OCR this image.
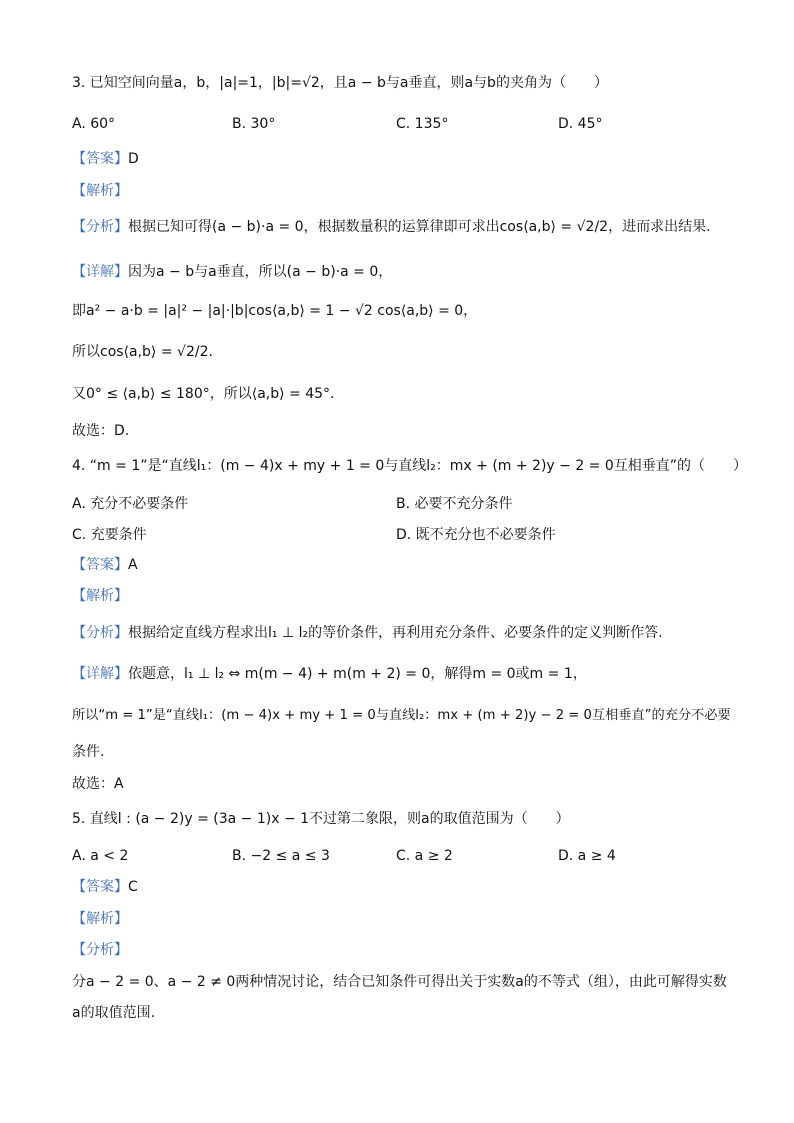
3. 已知空间向量a，b，|a|=1，|b|=√2，且a − b与a垂直，则a与b的夹角为（　　）
A. 60°	B. 30°	C. 135°	D. 45°
【答案】D
【解析】
【分析】根据已知可得(a − b)·a = 0，根据数量积的运算律即可求出cos⟨a,b⟩ = √2/2，进而求出结果.
【详解】因为a − b与a垂直，所以(a − b)·a = 0，
即a² − a·b = |a|² − |a|·|b|cos⟨a,b⟩ = 1 − √2 cos⟨a,b⟩ = 0，
所以cos⟨a,b⟩ = √2/2.
又0° ≤ ⟨a,b⟩ ≤ 180°，所以⟨a,b⟩ = 45°.
故选：D.
4. “m = 1”是“直线l₁：(m − 4)x + my + 1 = 0与直线l₂：mx + (m + 2)y − 2 = 0互相垂直”的（　　）
A. 充分不必要条件	B. 必要不充分条件
C. 充要条件	D. 既不充分也不必要条件
【答案】A
【解析】
【分析】根据给定直线方程求出l₁ ⊥ l₂的等价条件，再利用充分条件、必要条件的定义判断作答.
【详解】依题意，l₁ ⊥ l₂ ⇔ m(m − 4) + m(m + 2) = 0，解得m = 0或m = 1，
所以“m = 1”是“直线l₁：(m − 4)x + my + 1 = 0与直线l₂：mx + (m + 2)y − 2 = 0互相垂直”的充分不必要
条件.
故选：A
5. 直线l : (a − 2)y = (3a − 1)x − 1不过第二象限，则a的取值范围为（　　）
A. a < 2	B. −2 ≤ a ≤ 3	C. a ≥ 2	D. a ≥ 4
【答案】C
【解析】
【分析】
分a − 2 = 0、a − 2 ≠ 0两种情况讨论，结合已知条件可得出关于实数a的不等式（组），由此可解得实数
a的取值范围.
